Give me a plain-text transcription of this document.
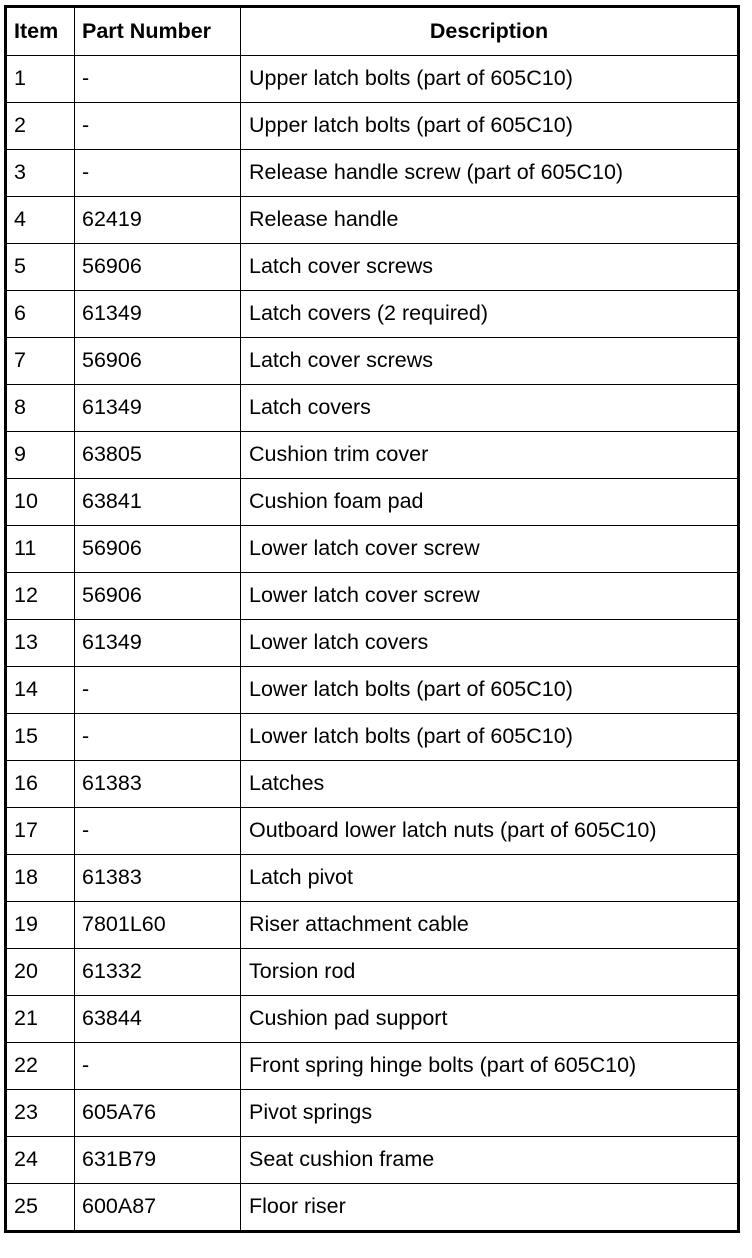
Item	Part Number	Description
1	-	Upper latch bolts (part of 605C10)
2	-	Upper latch bolts (part of 605C10)
3	-	Release handle screw (part of 605C10)
4	62419	Release handle
5	56906	Latch cover screws
6	61349	Latch covers (2 required)
7	56906	Latch cover screws
8	61349	Latch covers
9	63805	Cushion trim cover
10	63841	Cushion foam pad
11	56906	Lower latch cover screw
12	56906	Lower latch cover screw
13	61349	Lower latch covers
14	-	Lower latch bolts (part of 605C10)
15	-	Lower latch bolts (part of 605C10)
16	61383	Latches
17	-	Outboard lower latch nuts (part of 605C10)
18	61383	Latch pivot
19	7801L60	Riser attachment cable
20	61332	Torsion rod
21	63844	Cushion pad support
22	-	Front spring hinge bolts (part of 605C10)
23	605A76	Pivot springs
24	631B79	Seat cushion frame
25	600A87	Floor riser
